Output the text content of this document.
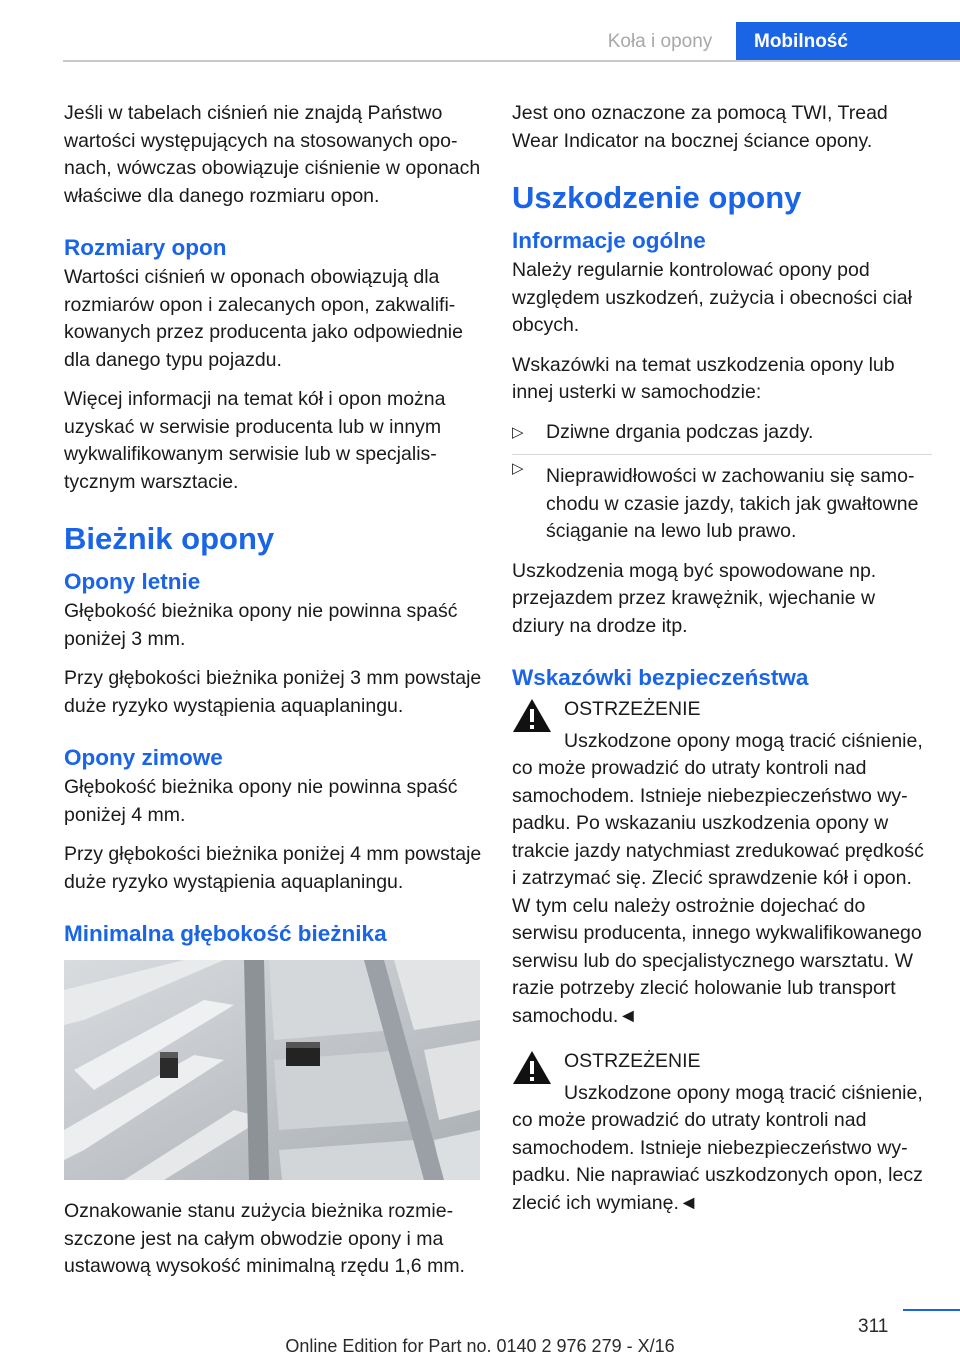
Koła i opony	Mobilność

Jeśli w tabelach ciśnień nie znajdą Państwo wartości występujących na stosowanych oponach, wówczas obowiązuje ciśnienie w oponach właściwe dla danego rozmiaru opon.

Rozmiary opon

Wartości ciśnień w oponach obowiązują dla rozmiarów opon i zalecanych opon, zakwalifikowanych przez producenta jako odpowiednie dla danego typu pojazdu.

Więcej informacji na temat kół i opon można uzyskać w serwisie producenta lub w innym wykwalifikowanym serwisie lub w specjalistycznym warsztacie.

Bieżnik opony
Opony letnie

Głębokość bieżnika opony nie powinna spaść poniżej 3 mm.

Przy głębokości bieżnika poniżej 3 mm powstaje duże ryzyko wystąpienia aquaplaningu.

Opony zimowe

Głębokość bieżnika opony nie powinna spaść poniżej 4 mm.

Przy głębokości bieżnika poniżej 4 mm powstaje duże ryzyko wystąpienia aquaplaningu.

Minimalna głębokość bieżnika

Oznakowanie stanu zużycia bieżnika rozmieszczone jest na całym obwodzie opony i ma ustawową wysokość minimalną rzędu 1,6 mm.

Jest ono oznaczone za pomocą TWI, Tread Wear Indicator na bocznej ściance opony.

Uszkodzenie opony
Informacje ogólne

Należy regularnie kontrolować opony pod względem uszkodzeń, zużycia i obecności ciał obcych.

Wskazówki na temat uszkodzenia opony lub innej usterki w samochodzie:

▷ Dziwne drgania podczas jazdy.
▷ Nieprawidłowości w zachowaniu się samochodu w czasie jazdy, takich jak gwałtowne ściąganie na lewo lub prawo.

Uszkodzenia mogą być spowodowane np. przejazdem przez krawężnik, wjechanie w dziury na drodze itp.

Wskazówki bezpieczeństwa
OSTRZEŻENIE

Uszkodzone opony mogą tracić ciśnienie, co może prowadzić do utraty kontroli nad samochodem. Istnieje niebezpieczeństwo wypadku. Po wskazaniu uszkodzenia opony w trakcie jazdy natychmiast zredukować prędkość i zatrzymać się. Zlecić sprawdzenie kół i opon. W tym celu należy ostrożnie dojechać do serwisu producenta, innego wykwalifikowanego serwisu lub do specjalistycznego warsztatu. W razie potrzeby zlecić holowanie lub transport samochodu.◄

OSTRZEŻENIE

Uszkodzone opony mogą tracić ciśnienie, co może prowadzić do utraty kontroli nad samochodem. Istnieje niebezpieczeństwo wypadku. Nie naprawiać uszkodzonych opon, lecz zlecić ich wymianę.◄

311
Online Edition for Part no. 0140 2 976 279 - X/16
